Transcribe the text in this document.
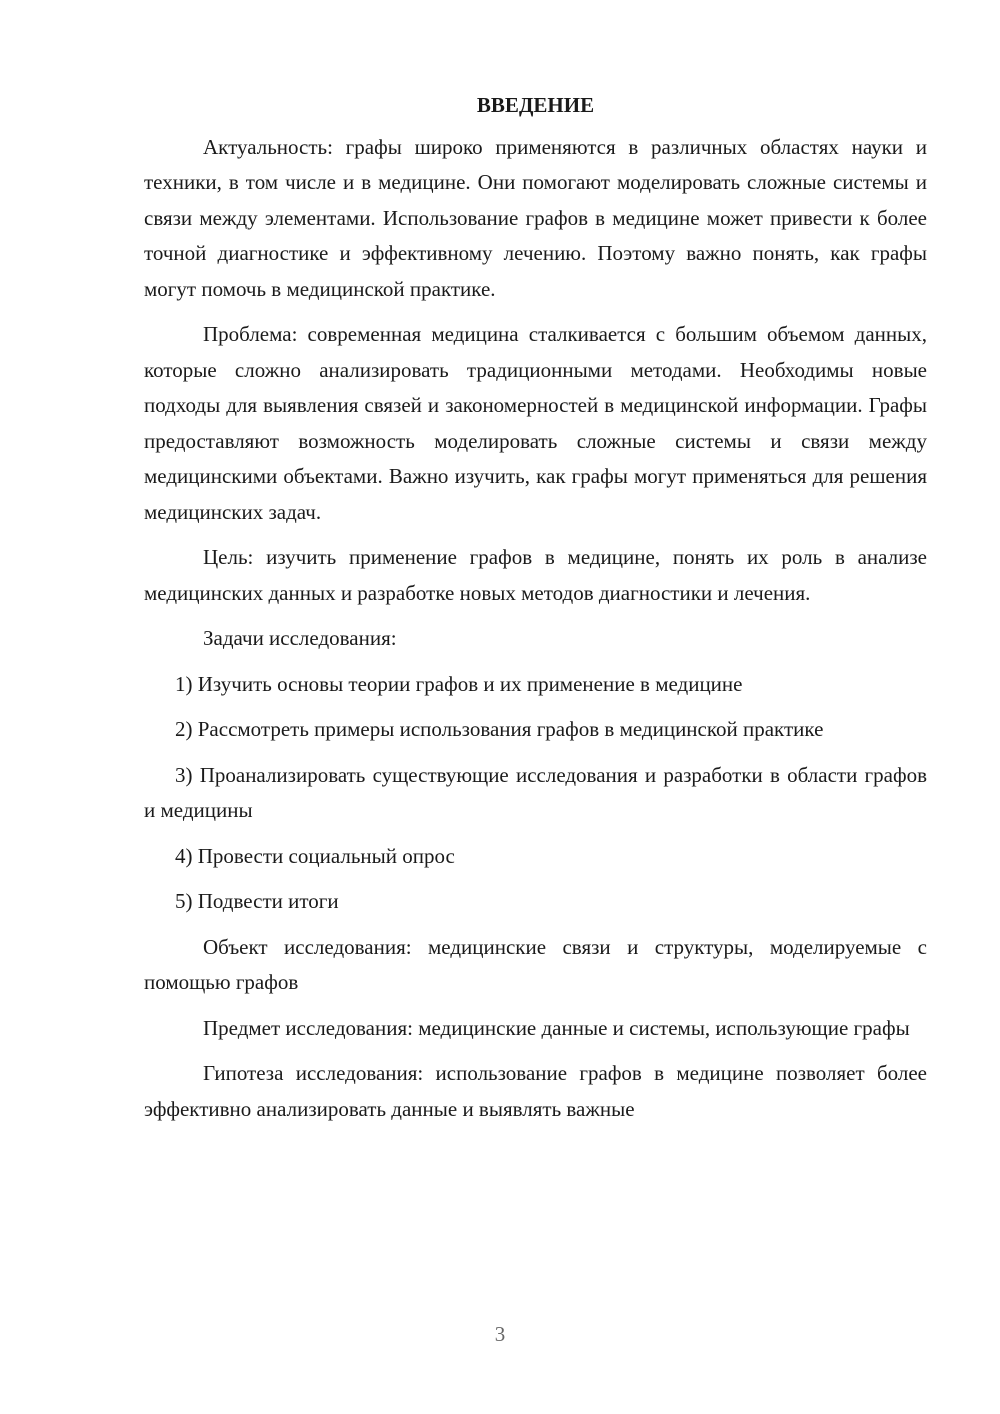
ВВЕДЕНИЕ

Актуальность: графы широко применяются в различных областях науки и техники, в том числе и в медицине. Они помогают моделировать сложные системы и связи между элементами. Использование графов в медицине может привести к более точной диагностике и эффективному лечению. Поэтому важно понять, как графы могут помочь в медицинской практике.

Проблема: современная медицина сталкивается с большим объемом данных, которые сложно анализировать традиционными методами. Необходимы новые подходы для выявления связей и закономерностей в медицинской информации. Графы предоставляют возможность моделировать сложные системы и связи между медицинскими объектами. Важно изучить, как графы могут применяться для решения медицинских задач.

Цель: изучить применение графов в медицине, понять их роль в анализе медицинских данных и разработке новых методов диагностики и лечения.

Задачи исследования:

1) Изучить основы теории графов и их применение в медицине

2) Рассмотреть примеры использования графов в медицинской практике

3) Проанализировать существующие исследования и разработки в области графов и медицины

4) Провести социальный опрос

5) Подвести итоги

Объект исследования: медицинские связи и структуры, моделируемые с помощью графов

Предмет исследования: медицинские данные и системы, использующие графы

Гипотеза исследования: использование графов в медицине позволяет более эффективно анализировать данные и выявлять важные

3
